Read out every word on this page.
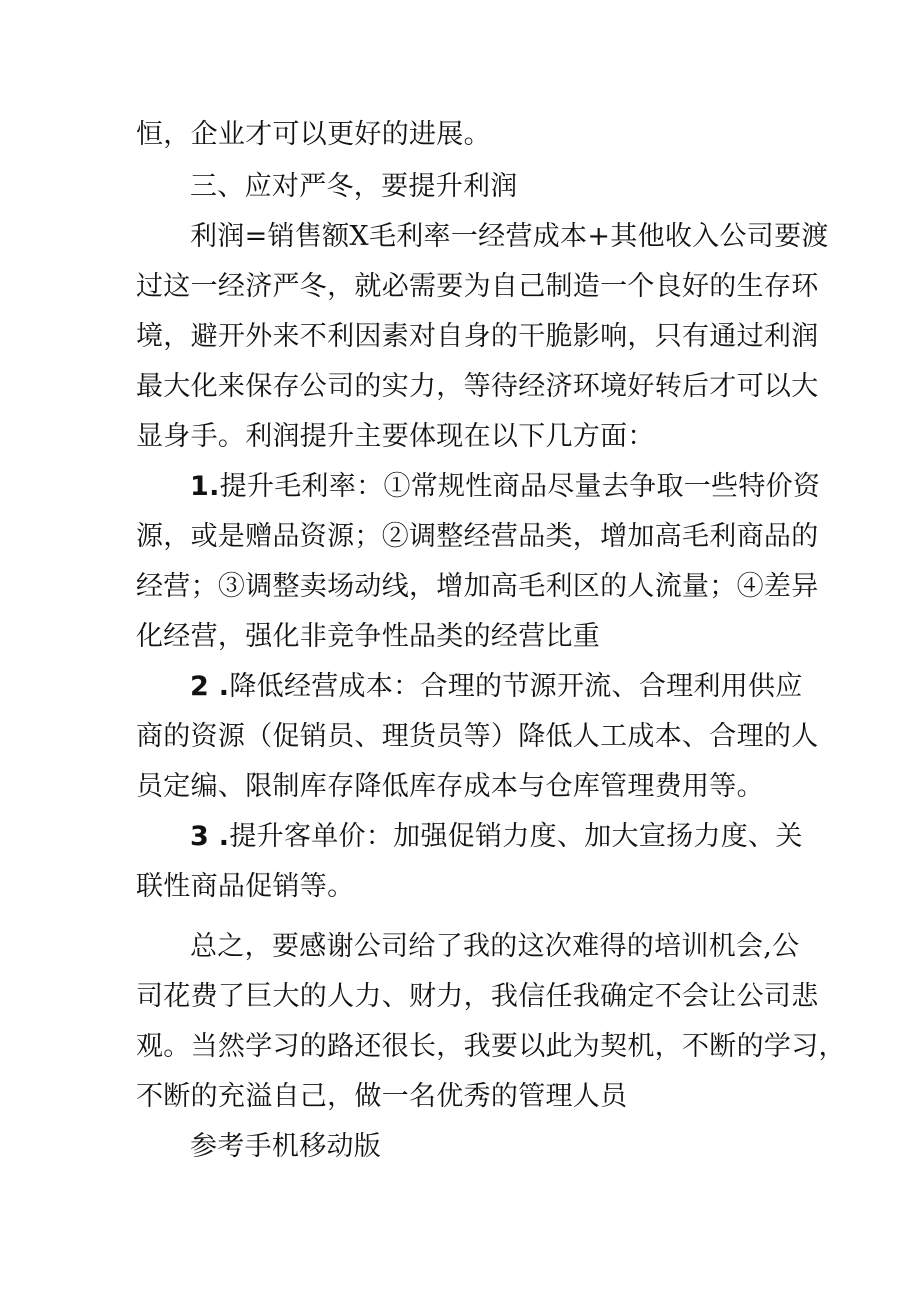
恒，企业才可以更好的进展。
三、应对严冬，要提升利润
利润=销售额X毛利率一经营成本+其他收入公司要渡
过这一经济严冬，就必需要为自己制造一个良好的生存环
境，避开外来不利因素对自身的干脆影响，只有通过利润
最大化来保存公司的实力，等待经济环境好转后才可以大
显身手。利润提升主要体现在以下几方面：
1.提升毛利率：①常规性商品尽量去争取一些特价资
源，或是赠品资源；②调整经营品类，增加高毛利商品的
经营；③调整卖场动线，增加高毛利区的人流量；④差异
化经营，强化非竞争性品类的经营比重
2 .降低经营成本：合理的节源开流、合理利用供应
商的资源（促销员、理货员等）降低人工成本、合理的人
员定编、限制库存降低库存成本与仓库管理费用等。
3 .提升客单价：加强促销力度、加大宣扬力度、关
联性商品促销等。
总之，要感谢公司给了我的这次难得的培训机会,公
司花费了巨大的人力、财力，我信任我确定不会让公司悲
观。当然学习的路还很长，我要以此为契机，不断的学习，
不断的充溢自己，做一名优秀的管理人员
参考手机移动版
